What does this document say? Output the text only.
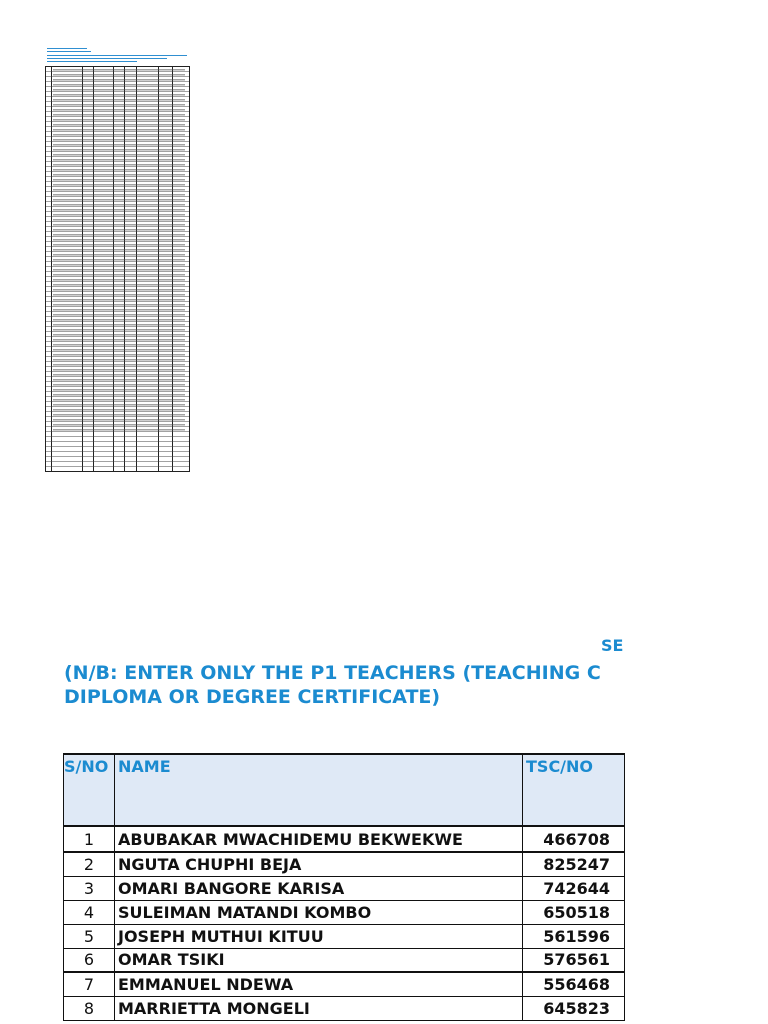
SE

(N/B: ENTER ONLY THE P1 TEACHERS (TEACHING C
DIPLOMA OR DEGREE CERTIFICATE)

S/NO	NAME	TSC/NO
1	ABUBAKAR MWACHIDEMU BEKWEKWE	466708
2	NGUTA CHUPHI BEJA	825247
3	OMARI BANGORE KARISA	742644
4	SULEIMAN MATANDI KOMBO	650518
5	JOSEPH MUTHUI KITUU	561596
6	OMAR TSIKI	576561
7	EMMANUEL NDEWA	556468
8	MARRIETTA MONGELI	645823
